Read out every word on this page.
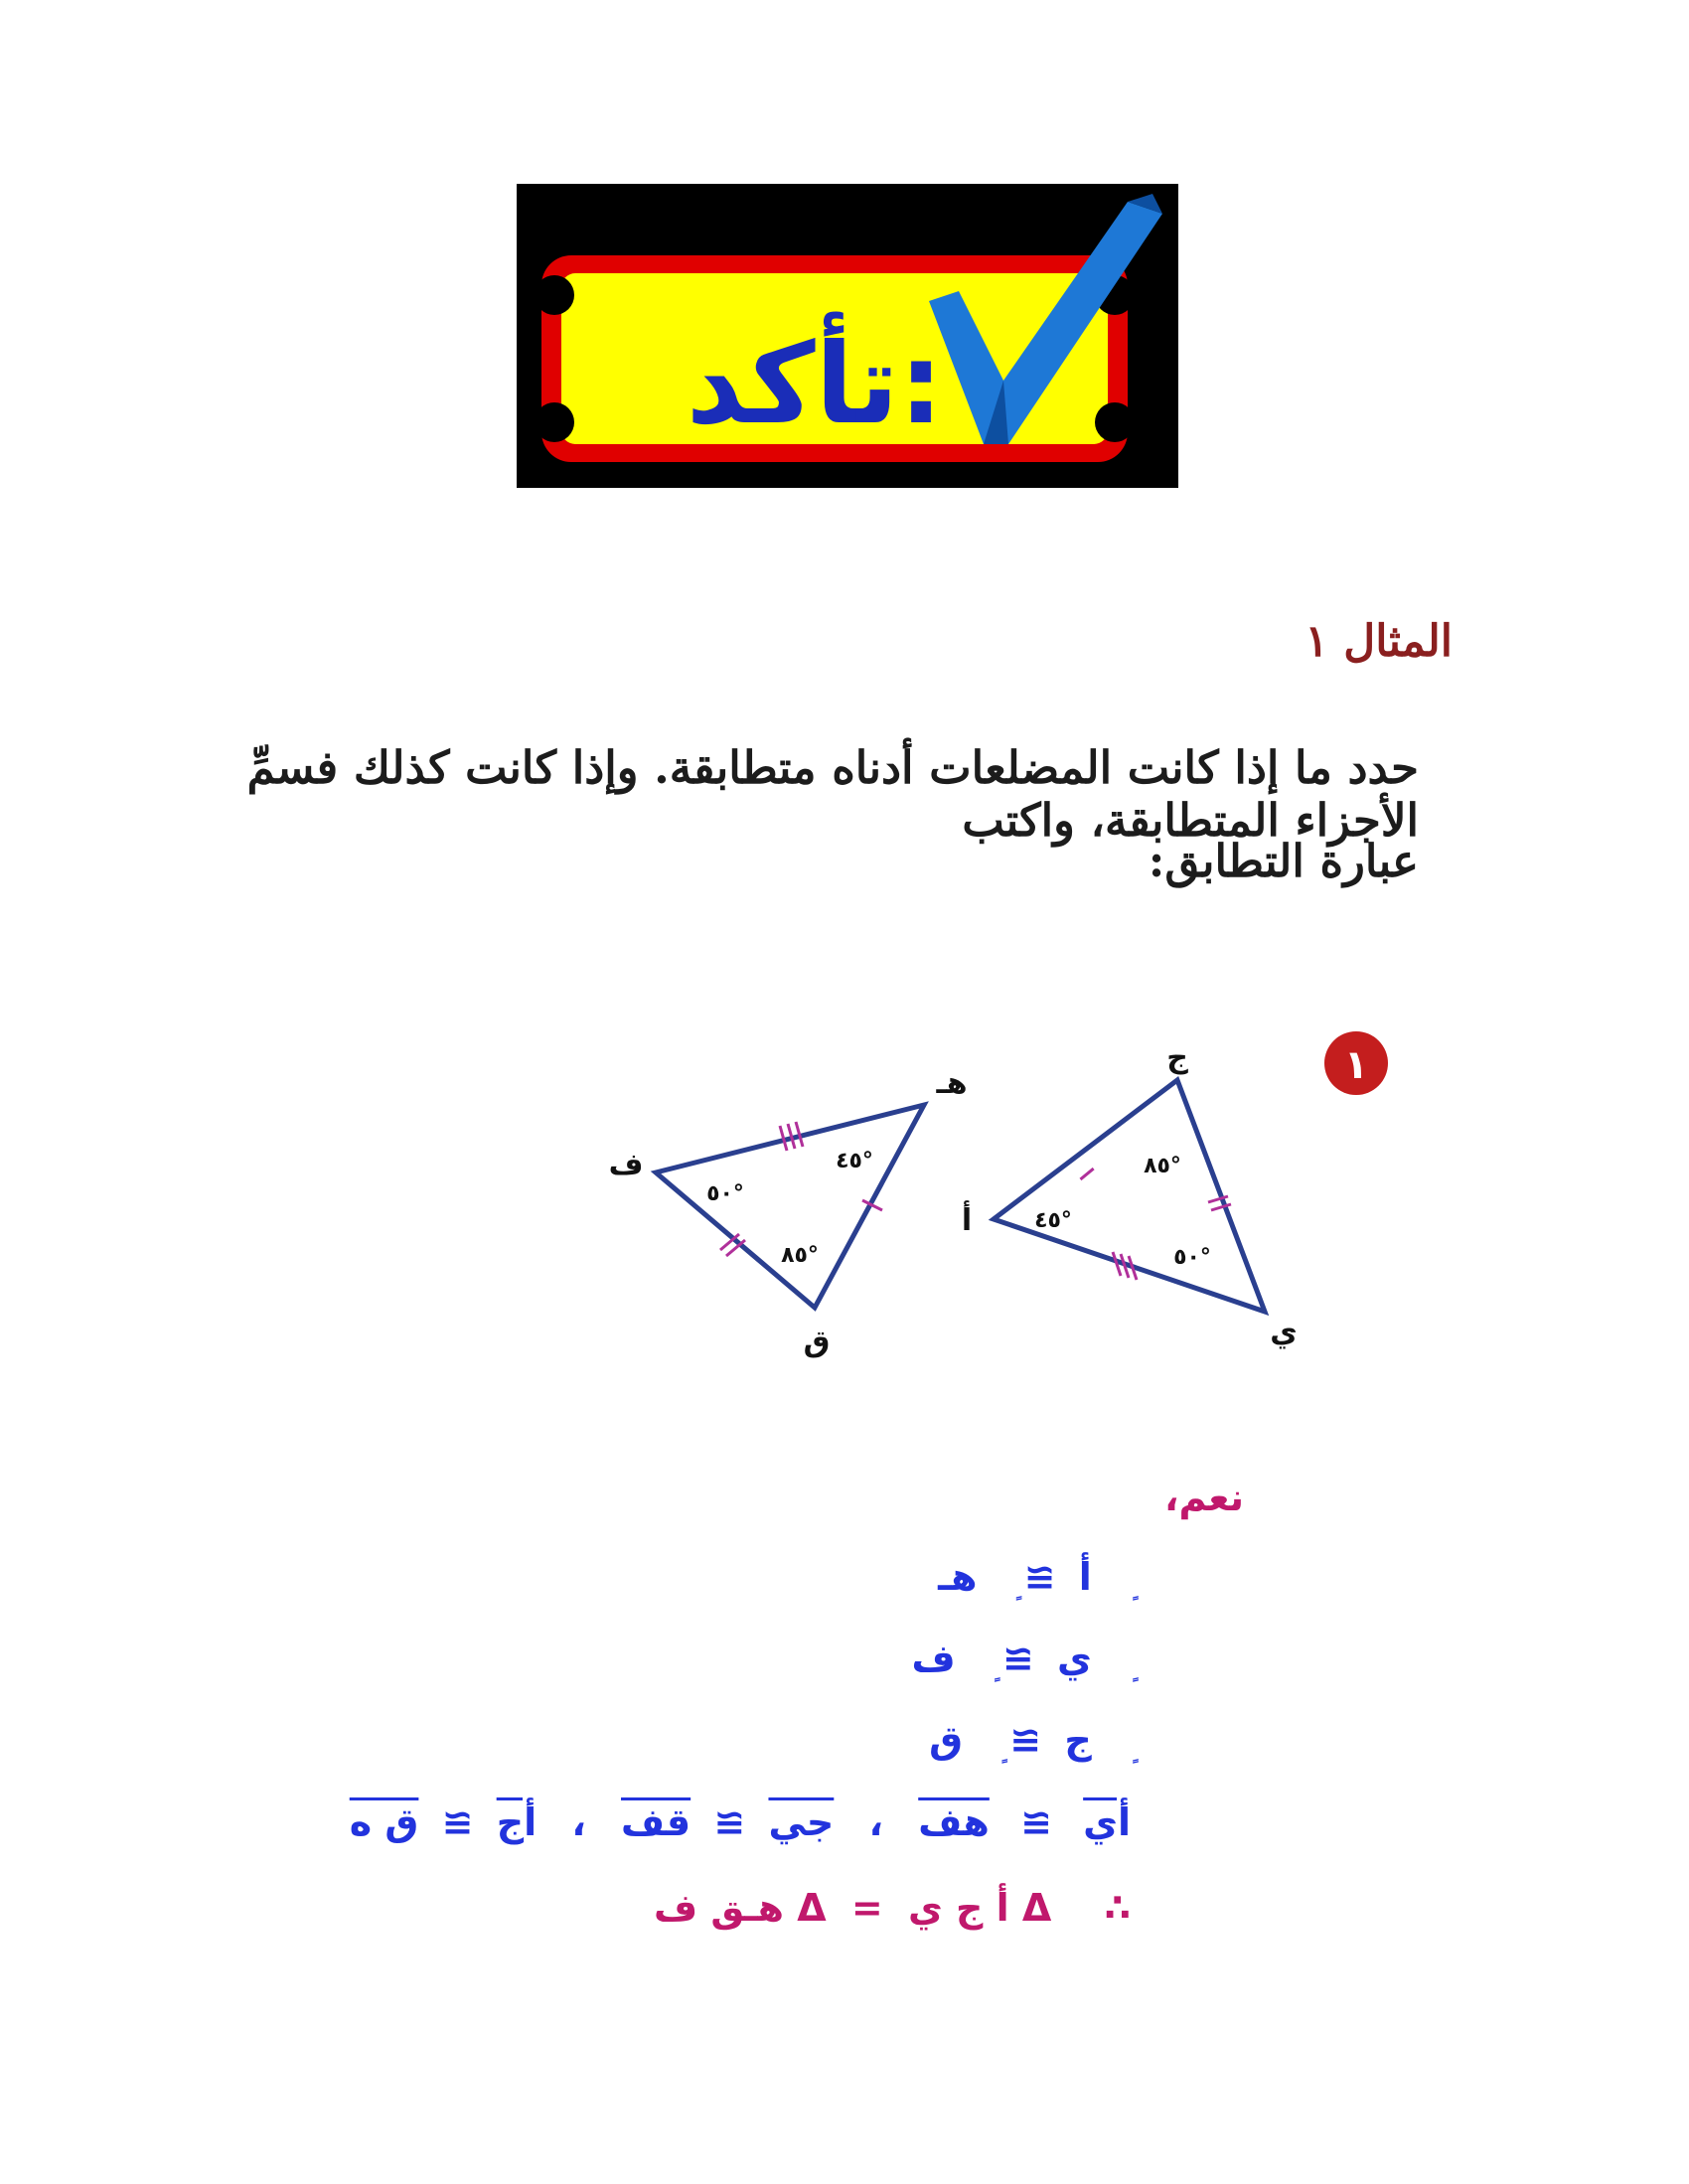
تأكد:
المثال ١
حدد ما إذا كانت المضلعات أدناه متطابقة. وإذا كانت كذلك فسمِّ الأجزاء المتطابقة، واكتب
عبارة التطابق:
١
ج
أ
ي
٨٥°
٤٥°
٥٠°
هـ
ف
ق
٤٥°
٥٠°
٨٥°
نعم،
أ ≅ هـ
ي ≅ ف
ج ≅ ق
أي ≅ هف ، جي ≅ قف ، أج ≅ ق ه
∴ Δ أ ج ي = Δ هـق ف
